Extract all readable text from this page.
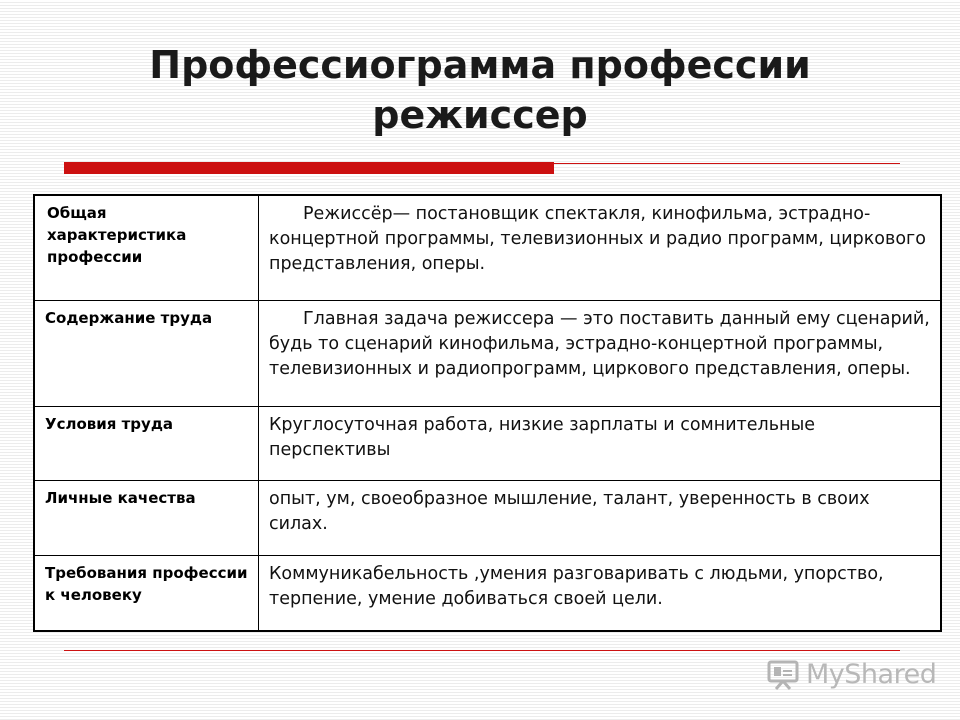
Профессиограмма профессии режиссер
Общая характеристика профессии	Режиссёр— постановщик спектакля, кинофильма, эстрадно-концертной программы, телевизионных и радио программ, циркового представления, оперы.
Содержание труда	Главная задача режиссера — это поставить данный ему сценарий, будь то сценарий кинофильма, эстрадно-концертной программы, телевизионных и радиопрограмм, циркового представления, оперы.
Условия труда	Круглосуточная работа, низкие зарплаты и сомнительные перспективы
Личные качества	опыт, ум, своеобразное мышление, талант, уверенность в своих силах.
Требования профессии к человеку	Коммуникабельность ,умения разговаривать с людьми, упорство, терпение, умение добиваться своей цели.
MyShared
